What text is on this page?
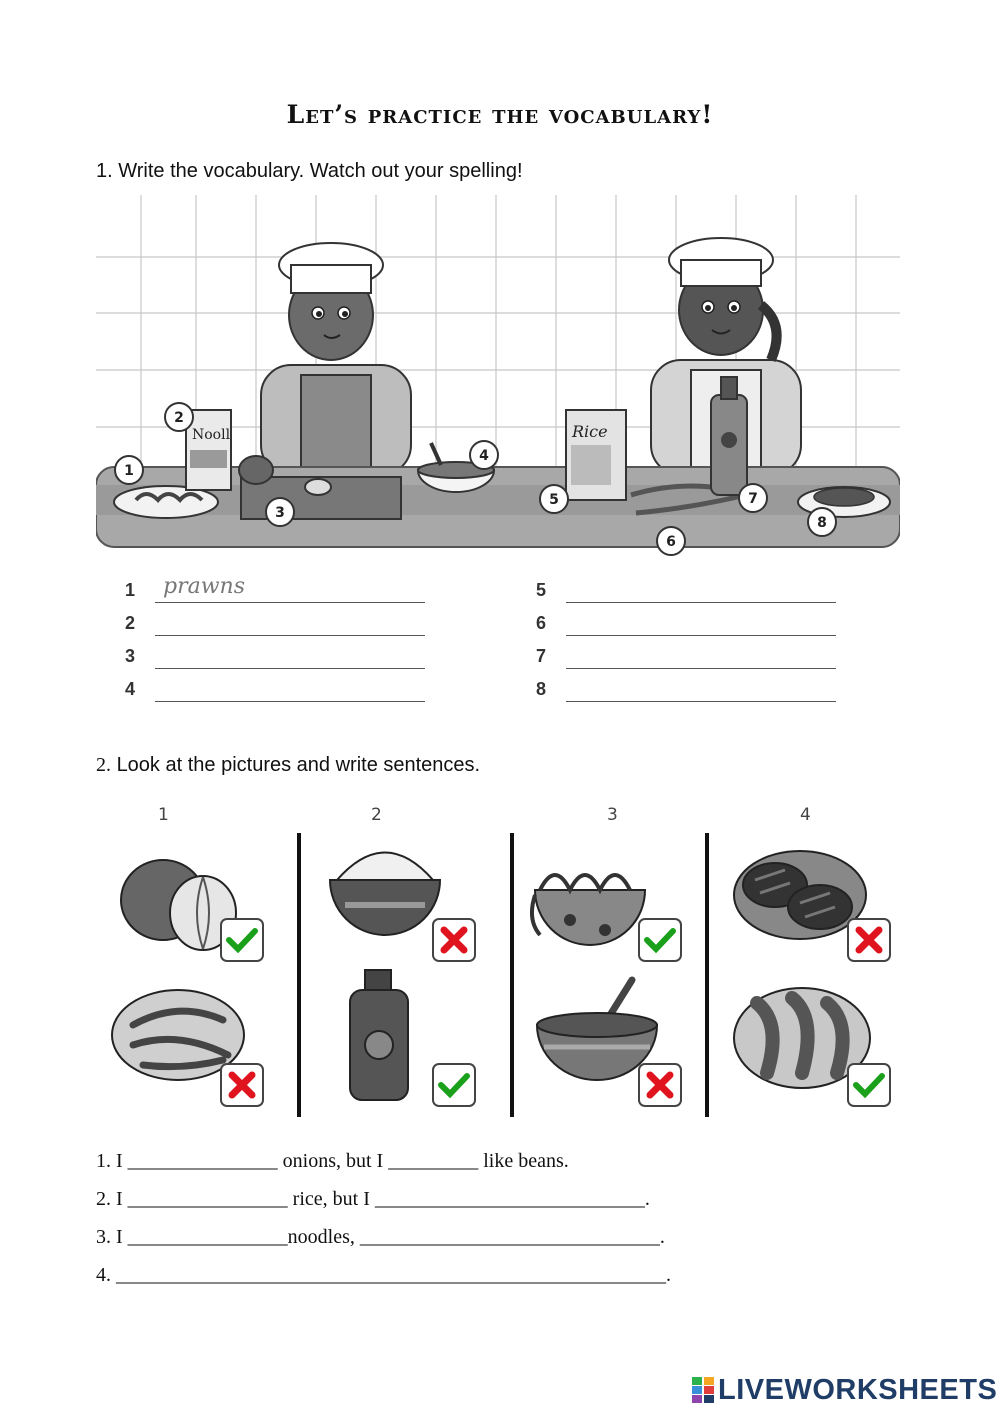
Let’s practice the vocabulary!
1. Write the vocabulary. Watch out your spelling!
Nooll	Rice
1
2
3
4
5
6
7
8
1 prawns
2
3
4
5
6
7
8
2. Look at the pictures and write sentences.
1	2	3	4
1. I _______________ onions, but I _________ like beans.
2. I ________________ rice, but I ___________________________.
3. I ________________noodles, ______________________________.
4. _______________________________________________________.
LIVEWORKSHEETS
